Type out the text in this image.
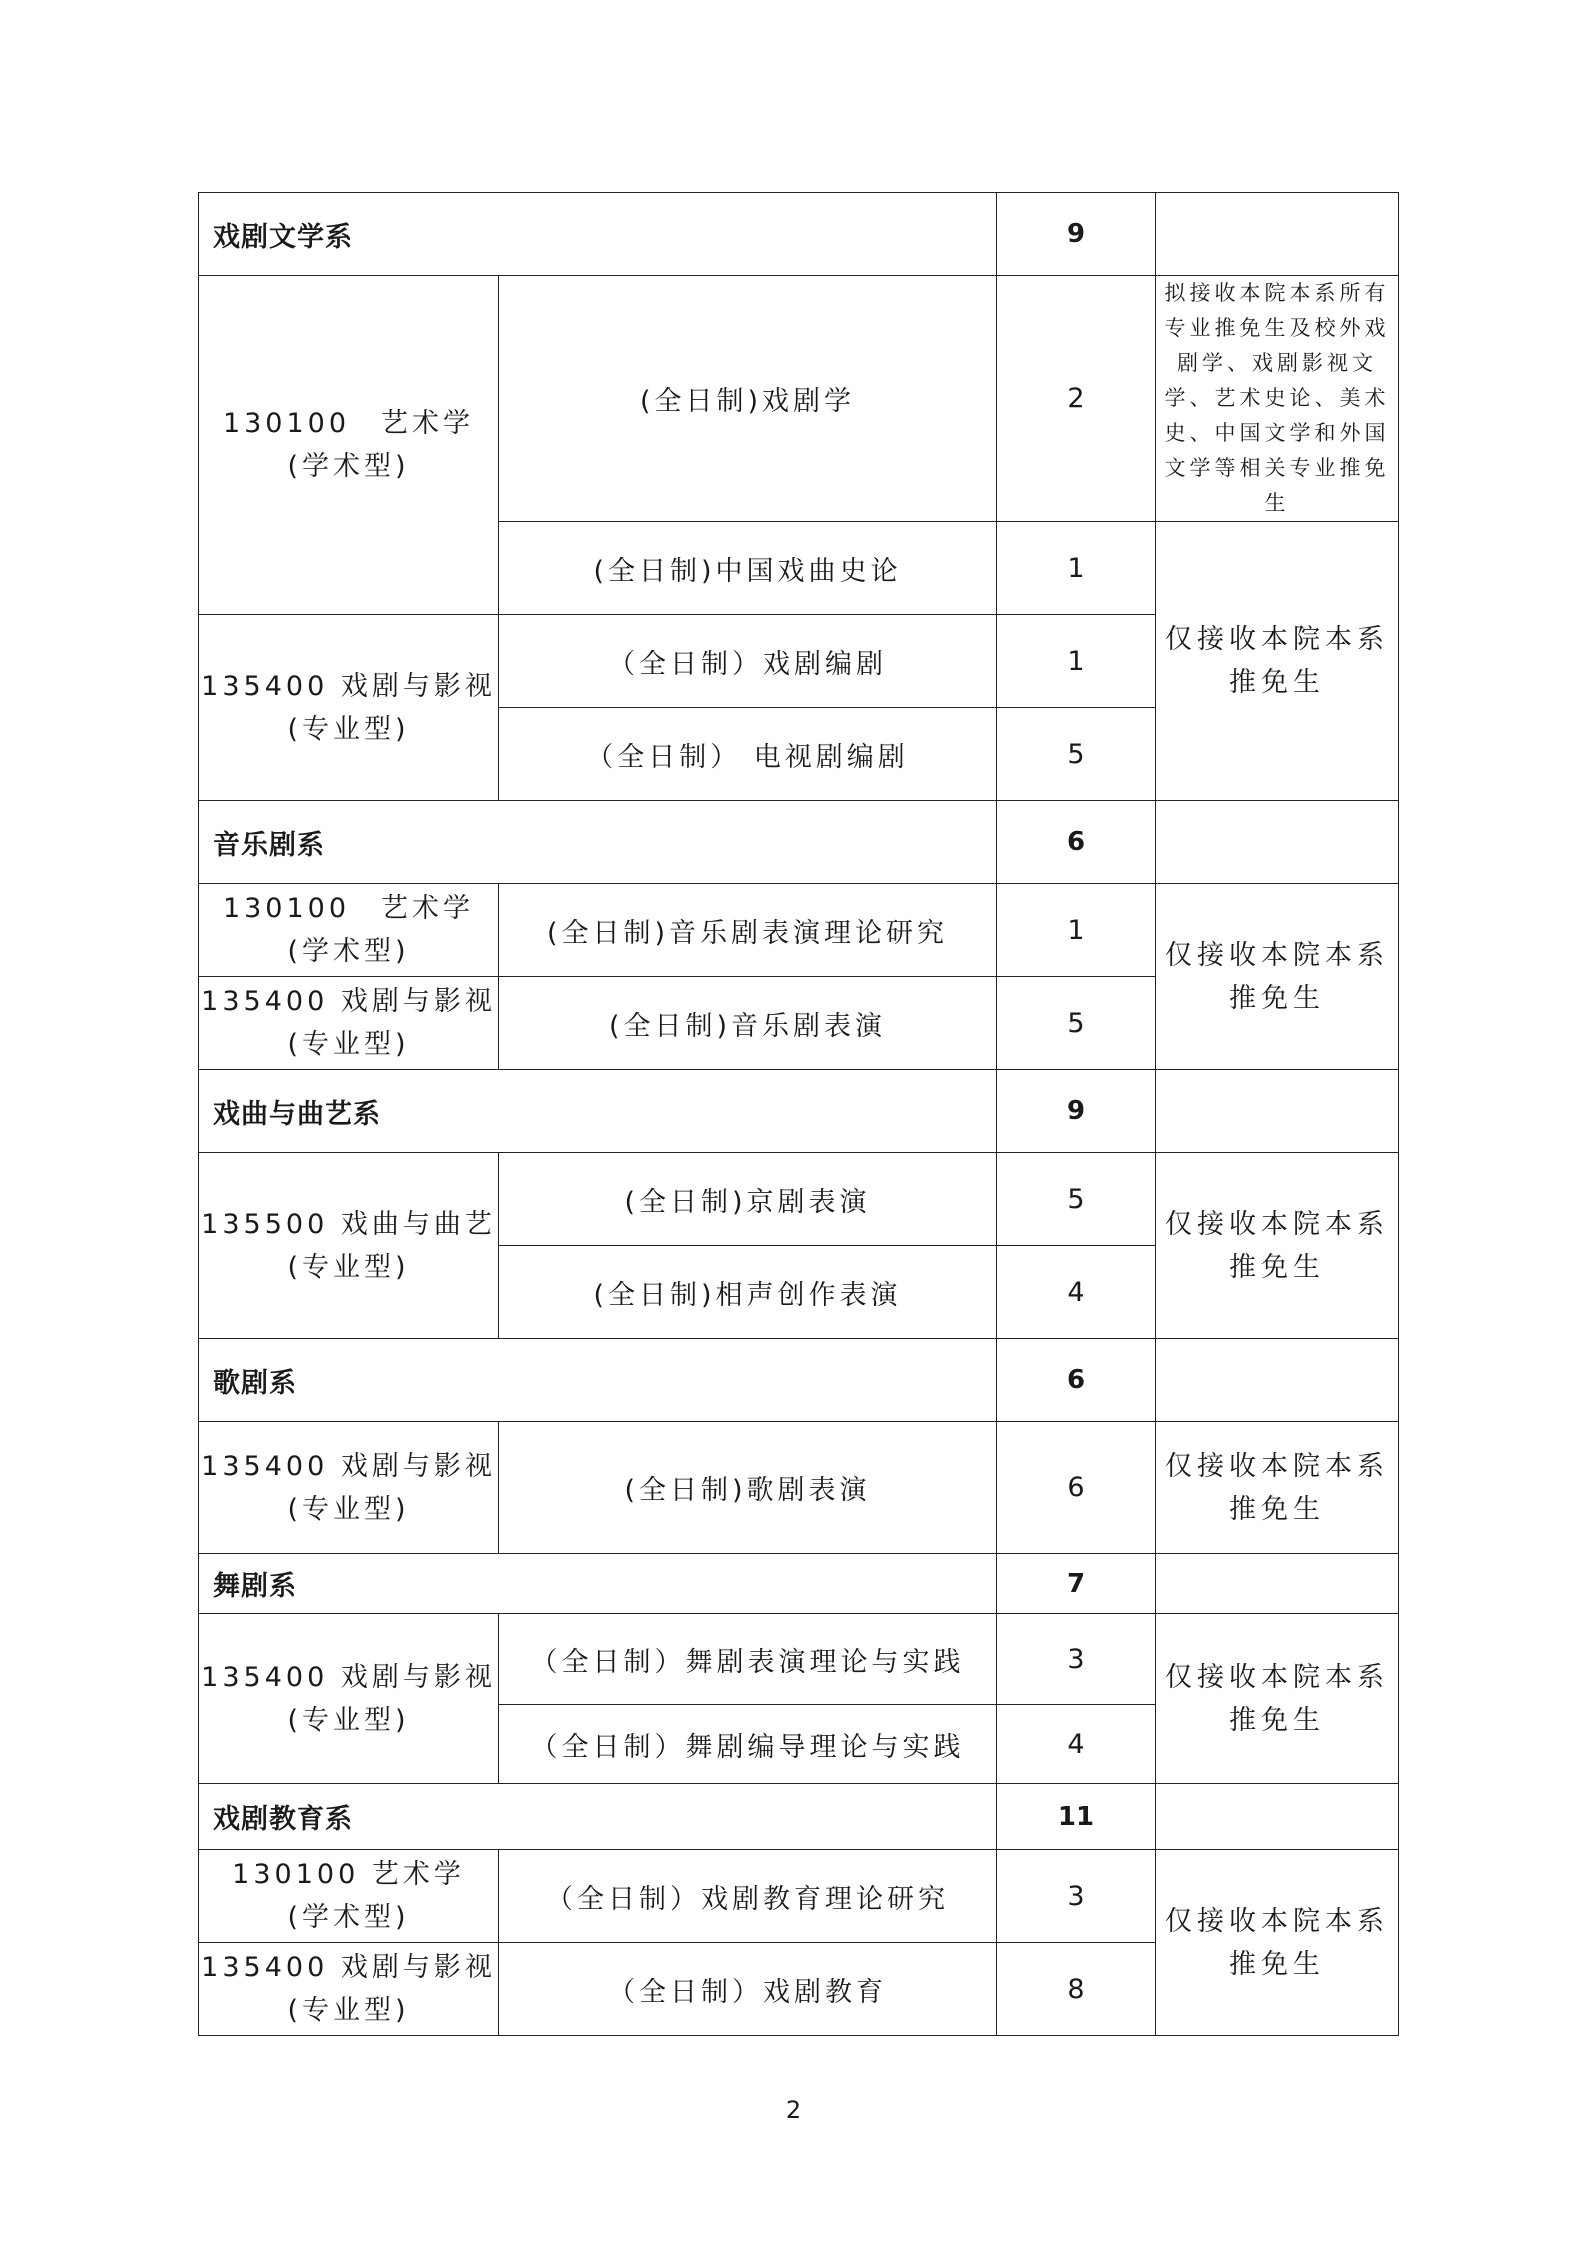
戏剧文学系		9	

130100　艺术学
(学术型)	(全日制)戏剧学	2	拟接收本院本系所有专业推免生及校外戏剧学、戏剧影视文学、艺术史论、美术史、中国文学和外国文学等相关专业推免生
	(全日制)中国戏曲史论	1	仅接收本院本系推免生

135400 戏剧与影视
(专业型)	（全日制）戏剧编剧	1	
	（全日制） 电视剧编剧	5	
音乐剧系		6	

130100　艺术学
(学术型)	(全日制)音乐剧表演理论研究	1	仅接收本院本系推免生

135400 戏剧与影视
(专业型)	(全日制)音乐剧表演	5	
戏曲与曲艺系		9	

135500 戏曲与曲艺
(专业型)	(全日制)京剧表演	5	仅接收本院本系推免生
	(全日制)相声创作表演	4	
歌剧系		6	

135400 戏剧与影视
(专业型)	(全日制)歌剧表演	6	仅接收本院本系推免生
舞剧系		7	

135400 戏剧与影视
(专业型)	（全日制）舞剧表演理论与实践	3	仅接收本院本系推免生
	（全日制）舞剧编导理论与实践	4	
戏剧教育系		11	

130100 艺术学
(学术型)	（全日制）戏剧教育理论研究	3	仅接收本院本系推免生

135400 戏剧与影视
(专业型)	（全日制）戏剧教育	8	
2
